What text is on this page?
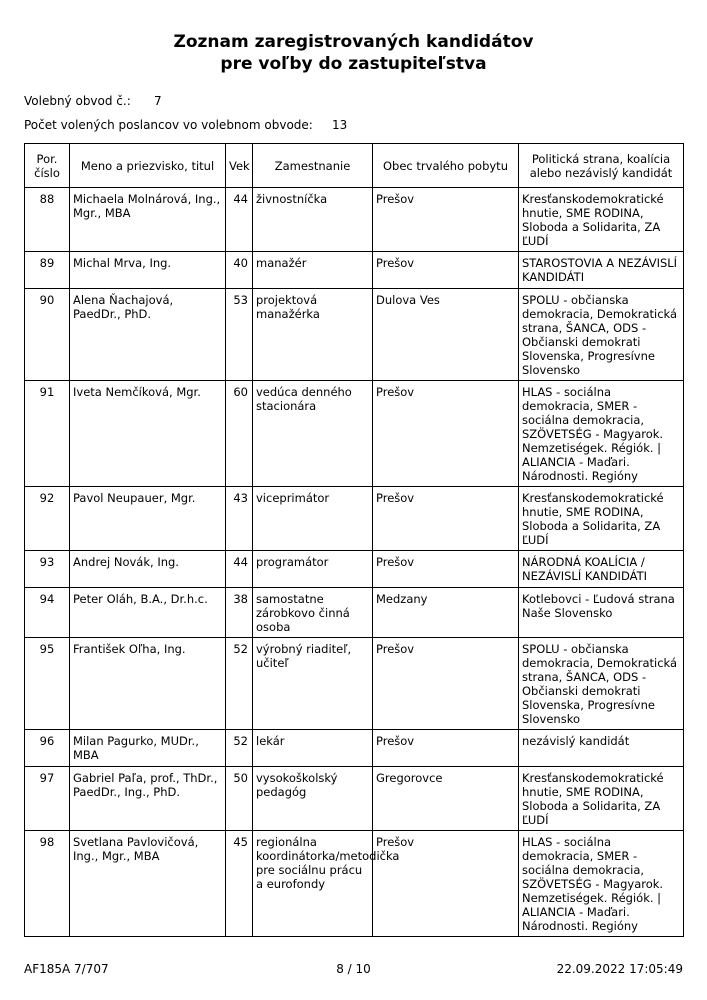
Zoznam zaregistrovaných kandidátov
pre voľby do zastupiteľstva
Volebný obvod č.: 7
Počet volených poslancov vo volebnom obvode: 13
Por. číslo	Meno a priezvisko, titul	Vek	Zamestnanie	Obec trvalého pobytu	Politická strana, koalícia alebo nezávislý kandidát
88	Michaela Molnárová, Ing., Mgr., MBA	44	živnostníčka	Prešov	Kresťanskodemokratické hnutie, SME RODINA, Sloboda a Solidarita, ZA ĽUDÍ
89	Michal Mrva, Ing.	40	manažér	Prešov	STAROSTOVIA A NEZÁVISLÍ KANDIDÁTI
90	Alena Ňachajová, PaedDr., PhD.	53	projektová manažérka	Dulova Ves	SPOLU - občianska demokracia, Demokratická strana, ŠANCA, ODS - Občianski demokrati Slovenska, Progresívne Slovensko
91	Iveta Nemčíková, Mgr.	60	vedúca denného stacionára	Prešov	HLAS - sociálna demokracia, SMER - sociálna demokracia, SZÖVETSÉG - Magyarok. Nemzetiségek. Régiók. | ALIANCIA - Maďari. Národnosti. Regióny
92	Pavol Neupauer, Mgr.	43	viceprimátor	Prešov	Kresťanskodemokratické hnutie, SME RODINA, Sloboda a Solidarita, ZA ĽUDÍ
93	Andrej Novák, Ing.	44	programátor	Prešov	NÁRODNÁ KOALÍCIA / NEZÁVISLÍ KANDIDÁTI
94	Peter Oláh, B.A., Dr.h.c.	38	samostatne zárobkovo činná osoba	Medzany	Kotlebovci - Ľudová strana Naše Slovensko
95	František Oľha, Ing.	52	výrobný riaditeľ, učiteľ	Prešov	SPOLU - občianska demokracia, Demokratická strana, ŠANCA, ODS - Občianski demokrati Slovenska, Progresívne Slovensko
96	Milan Pagurko, MUDr., MBA	52	lekár	Prešov	nezávislý kandidát
97	Gabriel Paľa, prof., ThDr., PaedDr., Ing., PhD.	50	vysokoškolský pedagóg	Gregorovce	Kresťanskodemokratické hnutie, SME RODINA, Sloboda a Solidarita, ZA ĽUDÍ
98	Svetlana Pavlovičová, Ing., Mgr., MBA	45	regionálna koordinátorka/metodička pre sociálnu prácu a eurofondy	Prešov	HLAS - sociálna demokracia, SMER - sociálna demokracia, SZÖVETSÉG - Magyarok. Nemzetiségek. Régiók. | ALIANCIA - Maďari. Národnosti. Regióny
AF185A 7/707	8 / 10	22.09.2022 17:05:49
